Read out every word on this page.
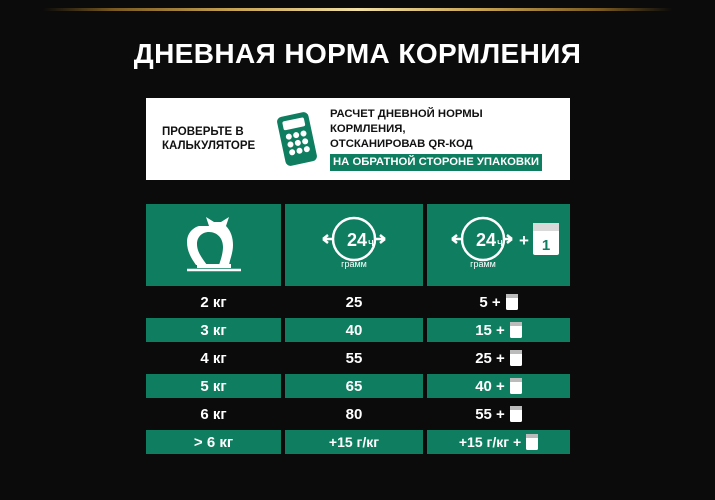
ДНЕВНАЯ НОРМА КОРМЛЕНИЯ
ПРОВЕРЬТЕ В КАЛЬКУЛЯТОРЕ
РАСЧЕТ ДНЕВНОЙ НОРМЫ КОРМЛЕНИЯ,
ОТСКАНИРОВАВ QR-КОД
НА ОБРАТНОЙ СТОРОНЕ УПАКОВКИ
24 ч
грамм
24 ч
грамм
+ 1
2 кг	25	5 +
3 кг	40	15 +
4 кг	55	25 +
5 кг	65	40 +
6 кг	80	55 +
> 6 кг	+15 г/кг	+15 г/кг +
